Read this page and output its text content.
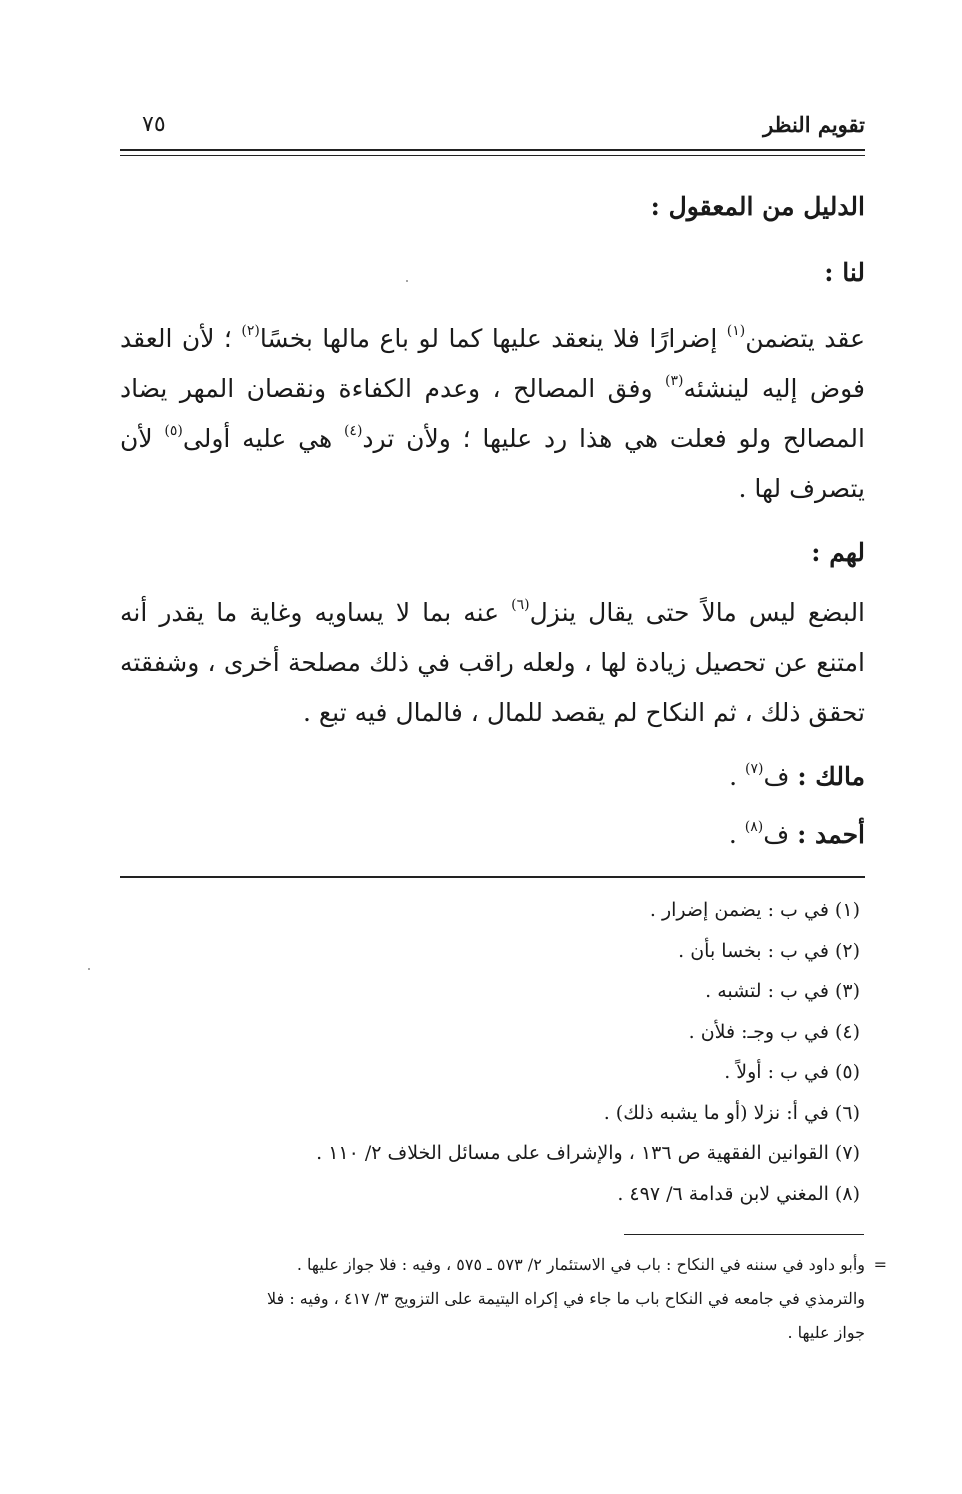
تقويم النظر
٧٥
الدليل من المعقول :
لنا :

عقد يتضمن$^{(١)}$ إضرارًا فلا ينعقد عليها كما لو باع مالها بخسًا$^{(٢)}$ ؛ لأن العقد فوض إليه لينشئه$^{(٣)}$ وفق المصالح ، وعدم الكفاءة ونقصان المهر يضاد المصالح ولو فعلت هي هذا رد عليها ؛ ولأن ترد$^{(٤)}$ هي عليه أولى$^{(٥)}$ لأن يتصرف لها .

لهم :

البضع ليس مالاً حتى يقال ينزل$^{(٦)}$ عنه بما لا يساويه وغاية ما يقدر أنه امتنع عن تحصيل زيادة لها ، ولعله راقب في ذلك مصلحة أخرى ، وشفقته تحقق ذلك ، ثم النكاح لم يقصد للمال ، فالمال فيه تبع .

مالك : ف$^{(٧)}$ .
أحمد : ف$^{(٨)}$ .
(١) في ب : يضمن إضرار .
(٢) في ب : بخسا بأن .
(٣) في ب : لتشبه .
(٤) في ب وجـ: فلأن .
(٥) في ب : أولاً .
(٦) في أ: نزلا (أو ما يشبه ذلك) .
(٧) القوانين الفقهية ص ١٣٦ ، والإشراف على مسائل الخلاف ٢/ ١١٠ .
(٨) المغني لابن قدامة ٦/ ٤٩٧ .
=
وأبو داود في سننه في النكاح : باب في الاستئمار ٢/ ٥٧٣ ـ ٥٧٥ ، وفيه : فلا جواز عليها .
والترمذي في جامعه في النكاح باب ما جاء في إكراه اليتيمة على التزويج ٣/ ٤١٧ ، وفيه : فلا
جواز عليها .
